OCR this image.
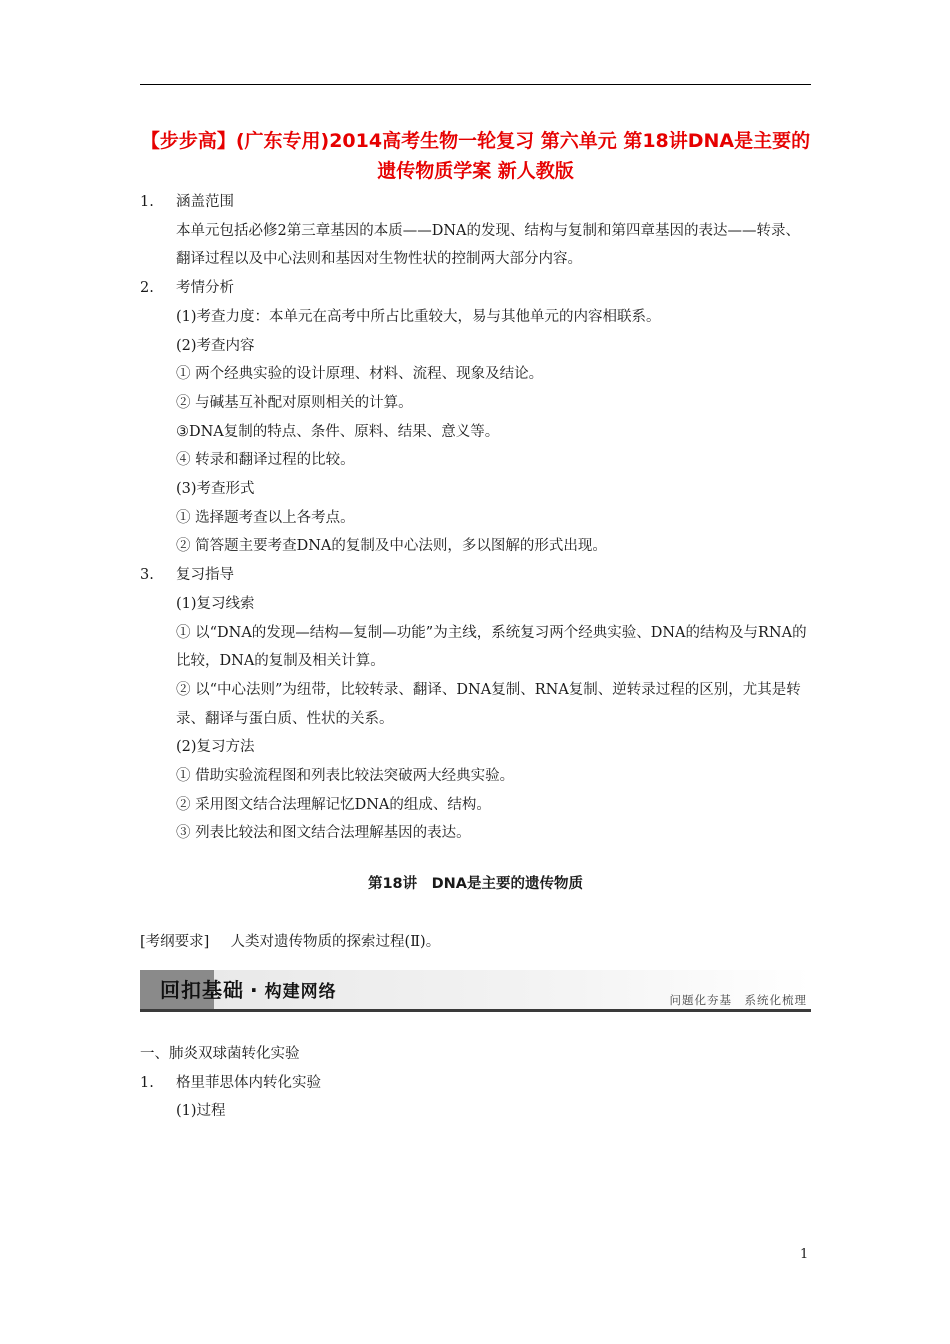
【步步高】(广东专用)2014高考生物一轮复习 第六单元 第18讲DNA是主要的遗传物质学案 新人教版
1. 涵盖范围
本单元包括必修2第三章基因的本质——DNA的发现、结构与复制和第四章基因的表达——转录、翻译过程以及中心法则和基因对生物性状的控制两大部分内容。
2. 考情分析
(1)考查力度：本单元在高考中所占比重较大，易与其他单元的内容相联系。
(2)考查内容
① 两个经典实验的设计原理、材料、流程、现象及结论。
② 与碱基互补配对原则相关的计算。
③DNA复制的特点、条件、原料、结果、意义等。
④ 转录和翻译过程的比较。
(3)考查形式
① 选择题考查以上各考点。
② 简答题主要考查DNA的复制及中心法则，多以图解的形式出现。
3. 复习指导
(1)复习线索
① 以“DNA的发现—结构—复制—功能”为主线，系统复习两个经典实验、DNA的结构及与RNA的比较，DNA的复制及相关计算。
② 以“中心法则”为纽带，比较转录、翻译、DNA复制、RNA复制、逆转录过程的区别，尤其是转录、翻译与蛋白质、性状的关系。
(2)复习方法
① 借助实验流程图和列表比较法突破两大经典实验。
② 采用图文结合法理解记忆DNA的组成、结构。
③ 列表比较法和图文结合法理解基因的表达。
第18讲　DNA是主要的遗传物质
[考纲要求] 人类对遗传物质的探索过程(Ⅱ)。
回扣基础 · 构建网络	问题化夯基　系统化梳理
一、肺炎双球菌转化实验
1. 格里菲思体内转化实验
(1)过程
1
